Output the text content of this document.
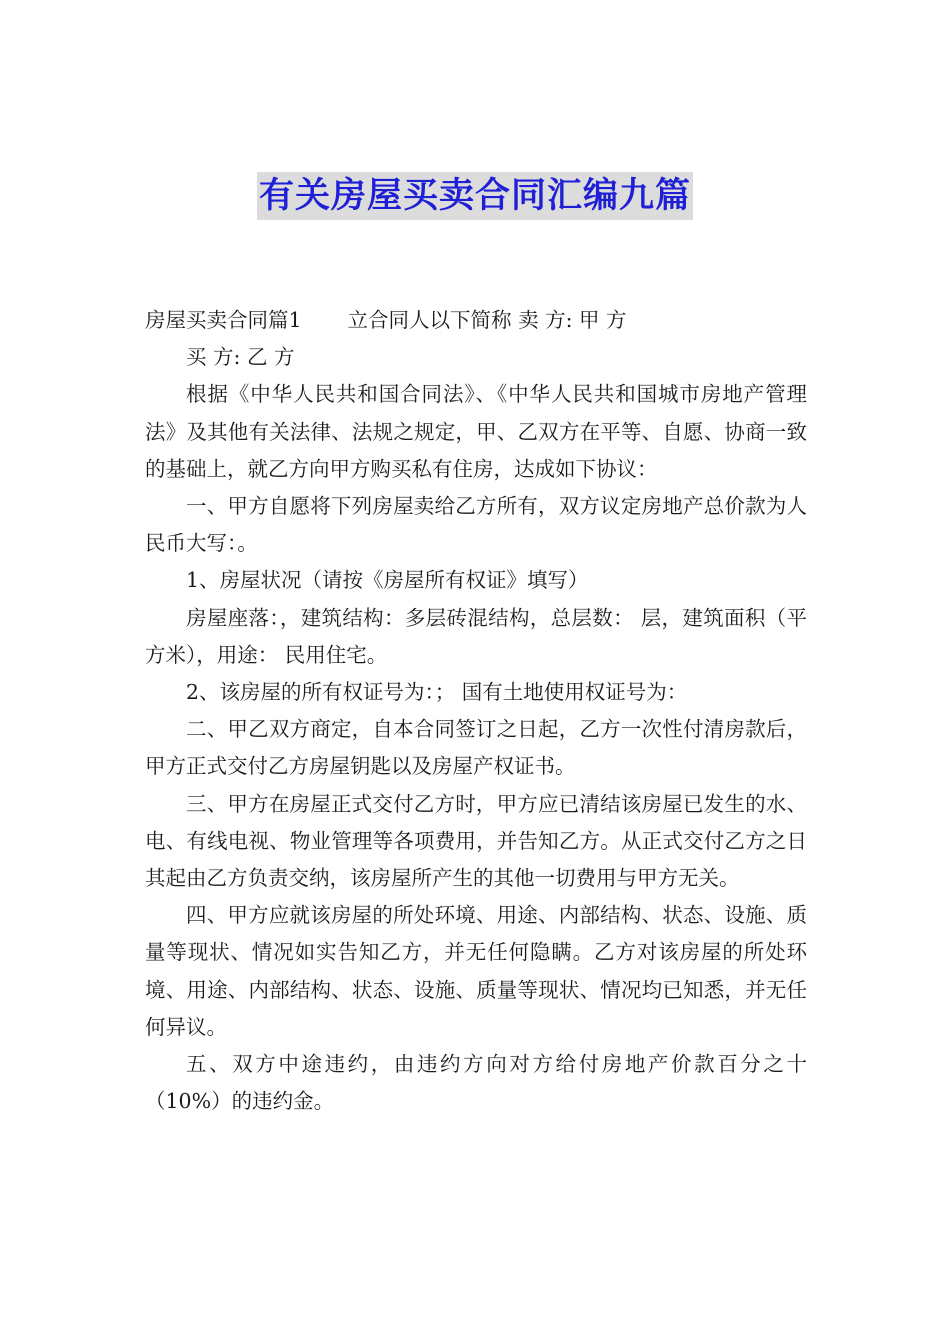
有关房屋买卖合同汇编九篇

房屋买卖合同篇1 立合同人以下简称 卖 方: 甲 方

买 方: 乙 方

根据《中华人民共和国合同法》、《中华人民共和国城市房地产管理法》及其他有关法律、法规之规定，甲、乙双方在平等、自愿、协商一致的基础上，就乙方向甲方购买私有住房，达成如下协议：

一、甲方自愿将下列房屋卖给乙方所有，双方议定房地产总价款为人民币大写：。

1、房屋状况（请按《房屋所有权证》填写）

房屋座落：，建筑结构：多层砖混结构，总层数： 层，建筑面积（平方米），用途： 民用住宅。

2、该房屋的所有权证号为：； 国有土地使用权证号为：

二、甲乙双方商定，自本合同签订之日起，乙方一次性付清房款后，甲方正式交付乙方房屋钥匙以及房屋产权证书。

三、甲方在房屋正式交付乙方时，甲方应已清结该房屋已发生的水、电、有线电视、物业管理等各项费用，并告知乙方。从正式交付乙方之日其起由乙方负责交纳，该房屋所产生的其他一切费用与甲方无关。

四、甲方应就该房屋的所处环境、用途、内部结构、状态、设施、质量等现状、情况如实告知乙方，并无任何隐瞒。乙方对该房屋的所处环境、用途、内部结构、状态、设施、质量等现状、情况均已知悉，并无任何异议。

五、双方中途违约，由违约方向对方给付房地产价款百分之十（10%）的违约金。
